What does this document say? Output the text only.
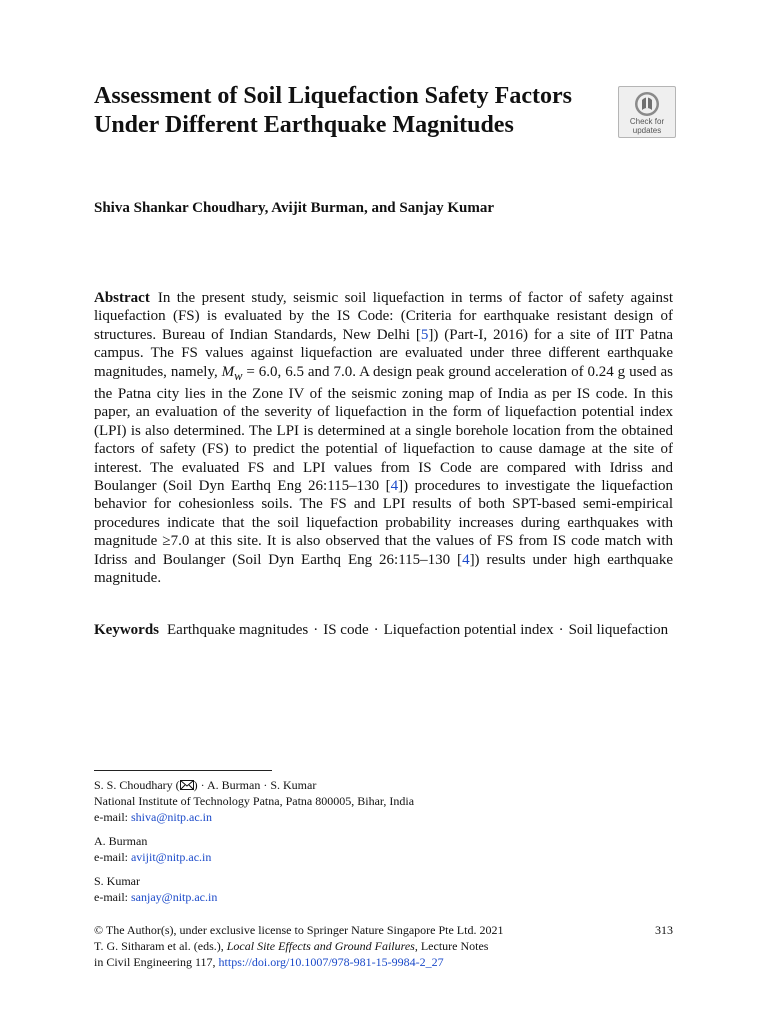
Assessment of Soil Liquefaction Safety Factors Under Different Earthquake Magnitudes	Check for
updates

Shiva Shankar Choudhary, Avijit Burman, and Sanjay Kumar

Abstract In the present study, seismic soil liquefaction in terms of factor of safety against liquefaction (FS) is evaluated by the IS Code: (Criteria for earthquake resistant design of structures. Bureau of Indian Standards, New Delhi [5]) (Part-I, 2016) for a site of IIT Patna campus. The FS values against liquefaction are evaluated under three different earthquake magnitudes, namely, $M_w = 6.0$, 6.5 and 7.0. A design peak ground acceleration of 0.24 g used as the Patna city lies in the Zone IV of the seismic zoning map of India as per IS code. In this paper, an evaluation of the severity of liquefaction in the form of liquefaction potential index (LPI) is also determined. The LPI is determined at a single borehole location from the obtained factors of safety (FS) to predict the potential of liquefaction to cause damage at the site of interest. The evaluated FS and LPI values from IS Code are compared with Idriss and Boulanger (Soil Dyn Earthq Eng 26:115–130 [4]) procedures to investigate the liquefaction behavior for cohesionless soils. The FS and LPI results of both SPT-based semi-empirical procedures indicate that the soil liquefaction probability increases during earthquakes with magnitude ≥7.0 at this site. It is also observed that the values of FS from IS code match with Idriss and Boulanger (Soil Dyn Earthq Eng 26:115–130 [4]) results under high earthquake magnitude.

Keywords Earthquake magnitudes · IS code · Liquefaction potential index · Soil liquefaction

S. S. Choudhary ( ) · A. Burman · S. Kumar
National Institute of Technology Patna, Patna 800005, Bihar, India
e-mail: shiva@nitp.ac.in

A. Burman
e-mail: avijit@nitp.ac.in

S. Kumar
e-mail: sanjay@nitp.ac.in

© The Author(s), under exclusive license to Springer Nature Singapore Pte Ltd. 2021
T. G. Sitharam et al. (eds.), Local Site Effects and Ground Failures, Lecture Notes
in Civil Engineering 117, https://doi.org/10.1007/978-981-15-9984-2_27

313
